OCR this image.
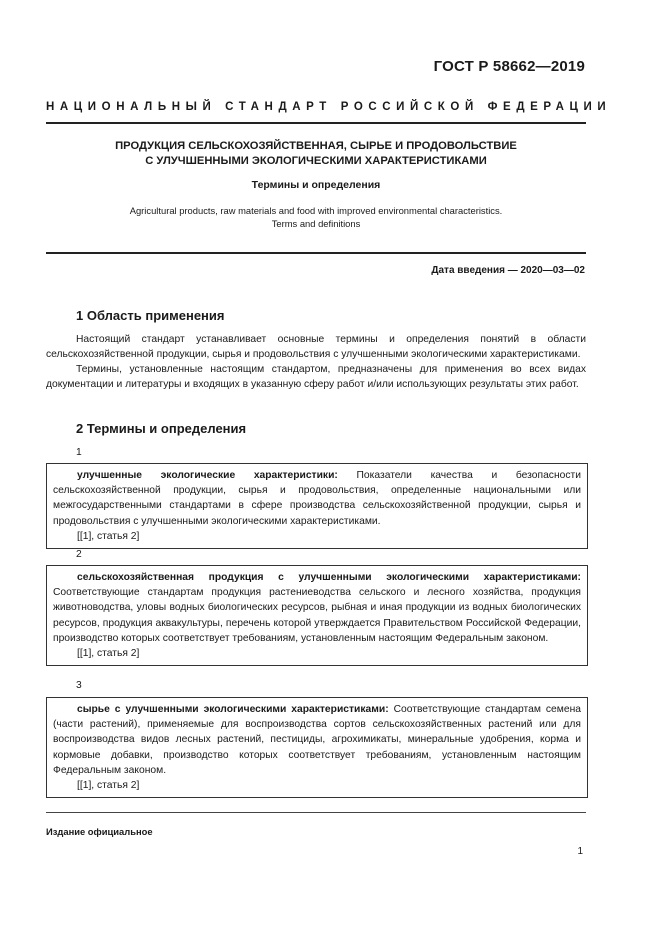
ГОСТ Р 58662—2019
НАЦИОНАЛЬНЫЙ СТАНДАРТ РОССИЙСКОЙ ФЕДЕРАЦИИ
ПРОДУКЦИЯ СЕЛЬСКОХОЗЯЙСТВЕННАЯ, СЫРЬЕ И ПРОДОВОЛЬСТВИЕ
С УЛУЧШЕННЫМИ ЭКОЛОГИЧЕСКИМИ ХАРАКТЕРИСТИКАМИ
Термины и определения
Agricultural products, raw materials and food with improved environmental characteristics.
Terms and definitions
Дата введения — 2020—03—02
1 Область применения
Настоящий стандарт устанавливает основные термины и определения понятий в области сельскохозяйственной продукции, сырья и продовольствия с улучшенными экологическими характеристиками.
Термины, установленные настоящим стандартом, предназначены для применения во всех видах документации и литературы и входящих в указанную сферу работ и/или использующих результаты этих работ.
2 Термины и определения
1

улучшенные экологические характеристики: Показатели качества и безопасности сельскохозяйственной продукции, сырья и продовольствия, определенные национальными или межгосударственными стандартами в сфере производства сельскохозяйственной продукции, сырья и продовольствия с улучшенными экологическими характеристиками.

[[1], статья 2]

2

сельскохозяйственная продукция с улучшенными экологическими характеристиками: Соответствующие стандартам продукция растениеводства сельского и лесного хозяйства, продукция животноводства, уловы водных биологических ресурсов, рыбная и иная продукции из водных биологических ресурсов, продукция аквакультуры, перечень которой утверждается Правительством Российской Федерации, производство которых соответствует требованиям, установленным настоящим Федеральным законом.

[[1], статья 2]

3

сырье с улучшенными экологическими характеристиками: Соответствующие стандартам семена (части растений), применяемые для воспроизводства сортов сельскохозяйственных растений или для воспроизводства видов лесных растений, пестициды, агрохимикаты, минеральные удобрения, корма и кормовые добавки, производство которых соответствует требованиям, установленным настоящим Федеральным законом.

[[1], статья 2]

Издание официальное
1
